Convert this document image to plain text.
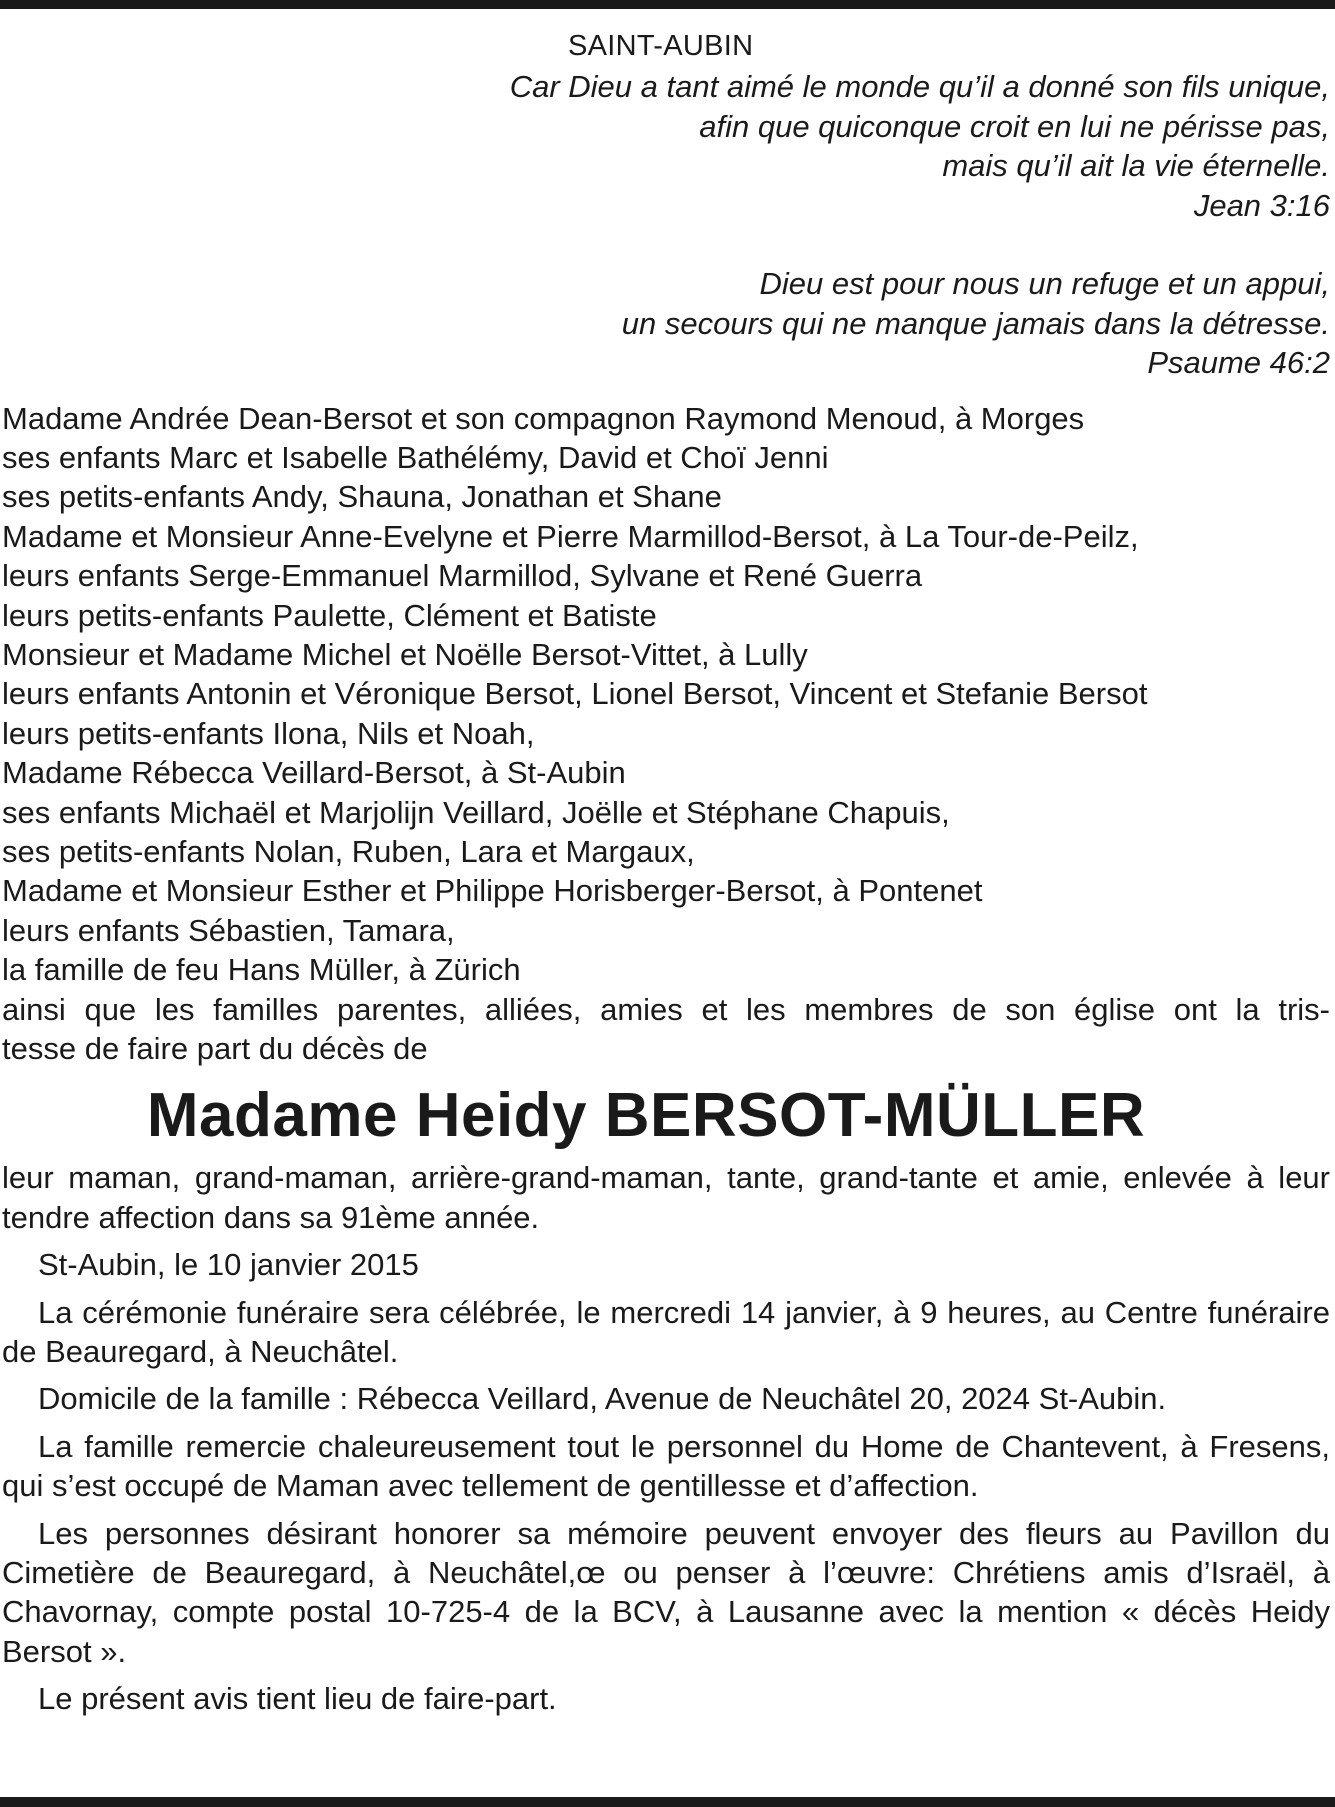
SAINT-AUBIN
Car Dieu a tant aimé le monde qu’il a donné son fils unique,
afin que quiconque croit en lui ne périsse pas,
mais qu’il ait la vie éternelle.
Jean 3:16
Dieu est pour nous un refuge et un appui,
un secours qui ne manque jamais dans la détresse.
Psaume 46:2
Madame Andrée Dean-Bersot et son compagnon Raymond Menoud, à Morges
ses enfants Marc et Isabelle Bathélémy, David et Choï Jenni
ses petits-enfants Andy, Shauna, Jonathan et Shane
Madame et Monsieur Anne-Evelyne et Pierre Marmillod-Bersot, à La Tour-de-Peilz,
leurs enfants Serge-Emmanuel Marmillod, Sylvane et René Guerra
leurs petits-enfants Paulette, Clément et Batiste
Monsieur et Madame Michel et Noëlle Bersot-Vittet, à Lully
leurs enfants Antonin et Véronique Bersot, Lionel Bersot, Vincent et Stefanie Bersot
leurs petits-enfants Ilona, Nils et Noah,
Madame Rébecca Veillard-Bersot, à St-Aubin
ses enfants Michaël et Marjolijn Veillard, Joëlle et Stéphane Chapuis,
ses petits-enfants Nolan, Ruben, Lara et Margaux,
Madame et Monsieur Esther et Philippe Horisberger-Bersot, à Pontenet
leurs enfants Sébastien, Tamara,
la famille de feu Hans Müller, à Zürich
ainsi que les familles parentes, alliées, amies et les membres de son église ont la tris-
tesse de faire part du décès de
Madame Heidy BERSOT-MÜLLER

leur maman, grand-maman, arrière-grand-maman, tante, grand-tante et amie, enlevée à leur tendre affection dans sa 91ème année.

St-Aubin, le 10 janvier 2015

La cérémonie funéraire sera célébrée, le mercredi 14 janvier, à 9 heures, au Centre funéraire de Beauregard, à Neuchâtel.

Domicile de la famille : Rébecca Veillard, Avenue de Neuchâtel 20, 2024 St-Aubin.

La famille remercie chaleureusement tout le personnel du Home de Chantevent, à Fresens, qui s’est occupé de Maman avec tellement de gentillesse et d’affection.

Les personnes désirant honorer sa mémoire peuvent envoyer des fleurs au Pavillon du Cimetière de Beauregard, à Neuchâtel,œ ou penser à l’œuvre: Chrétiens amis d’Israël, à Chavornay, compte postal 10-725-4 de la BCV, à Lausanne avec la mention « décès Heidy Bersot ».

Le présent avis tient lieu de faire-part.
